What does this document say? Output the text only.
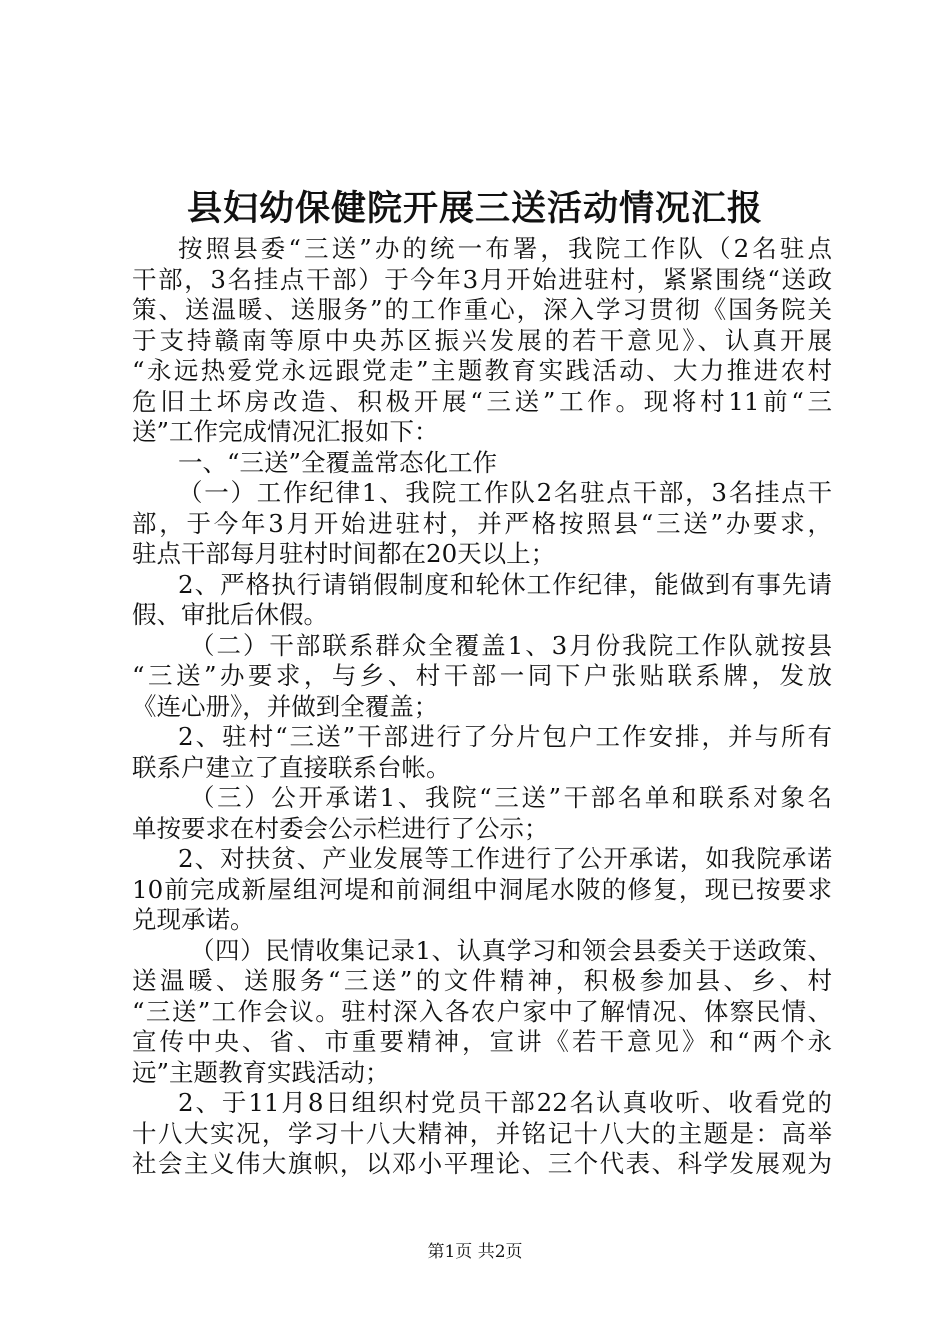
县妇幼保健院开展三送活动情况汇报
按照县委“三送”办的统一布署，我院工作队（2名驻点
干部，3名挂点干部）于今年3月开始进驻村，紧紧围绕“送政
策、送温暖、送服务”的工作重心，深入学习贯彻《国务院关
于支持赣南等原中央苏区振兴发展的若干意见》、认真开展
“永远热爱党永远跟党走”主题教育实践活动、大力推进农村
危旧土坏房改造、积极开展“三送”工作。现将村11前“三
送”工作完成情况汇报如下：
一、“三送”全覆盖常态化工作
（一）工作纪律1、我院工作队2名驻点干部，3名挂点干
部，于今年3月开始进驻村，并严格按照县“三送”办要求，
驻点干部每月驻村时间都在20天以上；
2、严格执行请销假制度和轮休工作纪律，能做到有事先请
假、审批后休假。
（二）干部联系群众全覆盖1、3月份我院工作队就按县
“三送”办要求，与乡、村干部一同下户张贴联系牌，发放
《连心册》，并做到全覆盖；
2、驻村“三送”干部进行了分片包户工作安排，并与所有
联系户建立了直接联系台帐。
（三）公开承诺1、我院“三送”干部名单和联系对象名
单按要求在村委会公示栏进行了公示；
2、对扶贫、产业发展等工作进行了公开承诺，如我院承诺
10前完成新屋组河堤和前洞组中洞尾水陂的修复，现已按要求
兑现承诺。
（四）民情收集记录1、认真学习和领会县委关于送政策、
送温暖、送服务“三送”的文件精神，积极参加县、乡、村
“三送”工作会议。驻村深入各农户家中了解情况、体察民情、
宣传中央、省、市重要精神，宣讲《若干意见》和“两个永
远”主题教育实践活动；
2、于11月8日组织村党员干部22名认真收听、收看党的
十八大实况，学习十八大精神，并铭记十八大的主题是：高举
社会主义伟大旗帜，以邓小平理论、三个代表、科学发展观为
第1页 共2页
